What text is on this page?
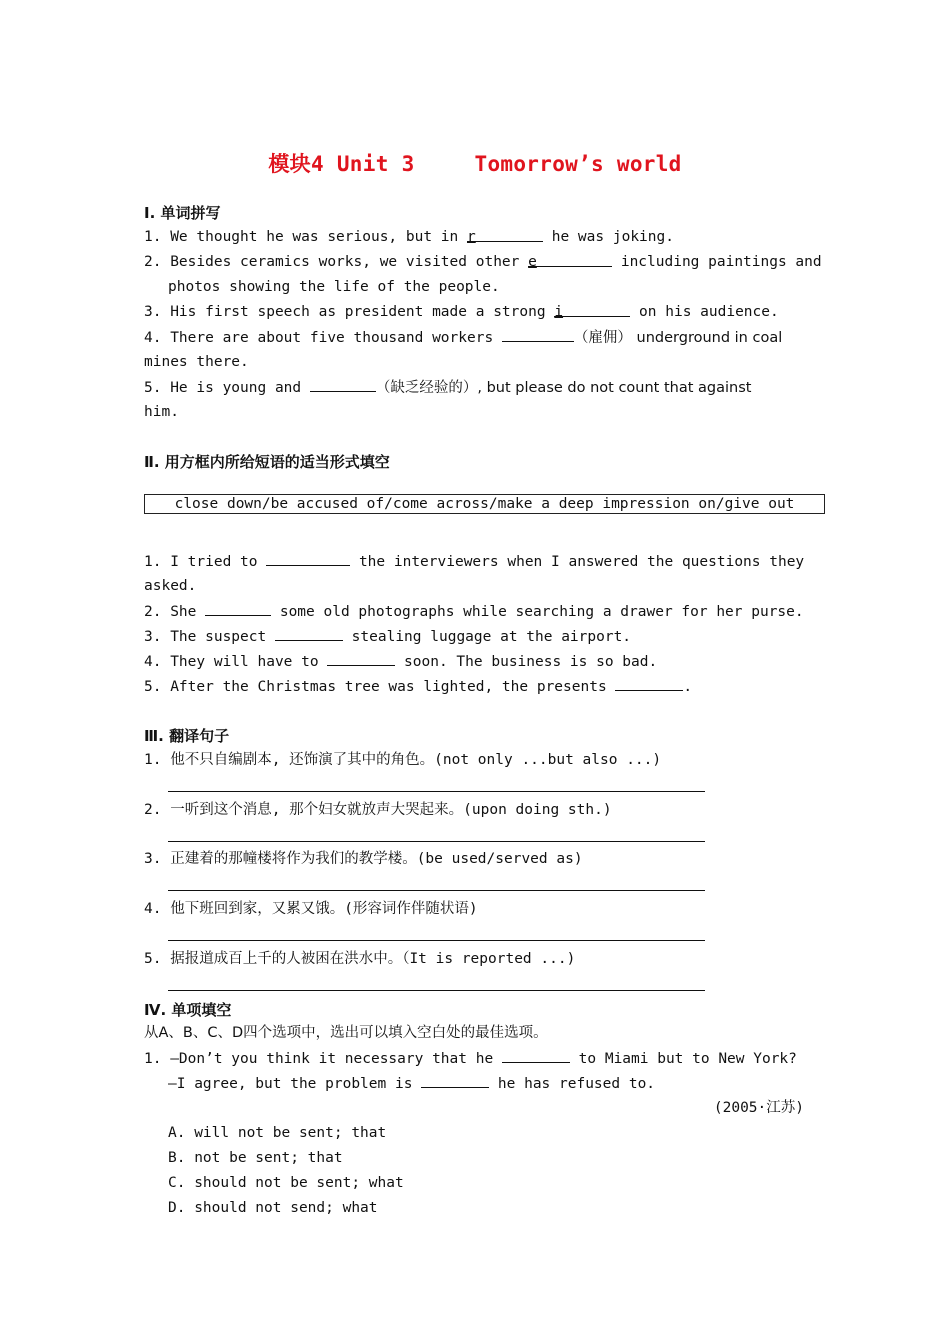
模块4 Unit 3	Tomorrow’s world
Ⅰ. 单词拼写
1. We thought he was serious, but in r	he was joking.
2. Besides ceramics works, we visited other e	including paintings and
photos showing the life of the people.
3. His first speech as president made a strong i	on his audience.
4. There are about five thousand workers	（雇佣） underground in coal
mines there.
5. He is young and	（缺乏经验的）, but please do not count that against
him.
Ⅱ. 用方框内所给短语的适当形式填空
close down/be accused of/come across/make a deep impression on/give out
1. I tried to	the interviewers when I answered the questions they
asked.
2. She	some old photographs while searching a drawer for her purse.
3. The suspect	stealing luggage at the airport.
4. They will have to	soon. The business is so bad.
5. After the Christmas tree was lighted, the presents	.
Ⅲ. 翻译句子
1. 他不只自编剧本, 还饰演了其中的角色。(not only ...but also ...)
2. 一听到这个消息, 那个妇女就放声大哭起来。(upon doing sth.)
3. 正建着的那幢楼将作为我们的教学楼。(be used/served as)
4. 他下班回到家，又累又饿。(形容词作伴随状语)
5. 据报道成百上千的人被困在洪水中。（It is reported ...)
Ⅳ. 单项填空
从A、B、C、D四个选项中，选出可以填入空白处的最佳选项。
1. —Don’t you think it necessary that he	to Miami but to New York?
—I agree, but the problem is	he has refused to.
(2005·江苏)
A. will not be sent; that
B. not be sent; that
C. should not be sent; what
D. should not send; what
